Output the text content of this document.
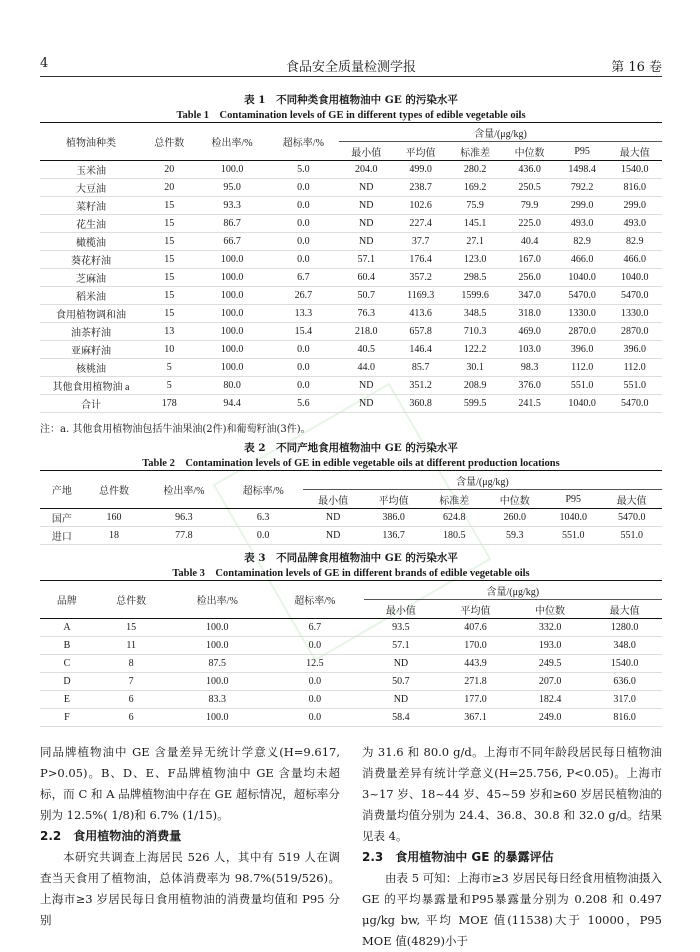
4	食品安全质量检测学报	第 16 卷
表 1　不同种类食用植物油中 GE 的污染水平
Table 1　Contamination levels of GE in different types of edible vegetable oils
植物油种类	总件数	检出率/%	超标率/%	含量/(μg/kg)					
				最小值	平均值	标准差	中位数	P95	最大值
玉米油	20	100.0	5.0	204.0	499.0	280.2	436.0	1498.4	1540.0
大豆油	20	95.0	0.0	ND	238.7	169.2	250.5	792.2	816.0
菜籽油	15	93.3	0.0	ND	102.6	75.9	79.9	299.0	299.0
花生油	15	86.7	0.0	ND	227.4	145.1	225.0	493.0	493.0
橄榄油	15	66.7	0.0	ND	37.7	27.1	40.4	82.9	82.9
葵花籽油	15	100.0	0.0	57.1	176.4	123.0	167.0	466.0	466.0
芝麻油	15	100.0	6.7	60.4	357.2	298.5	256.0	1040.0	1040.0
稻米油	15	100.0	26.7	50.7	1169.3	1599.6	347.0	5470.0	5470.0
食用植物调和油	15	100.0	13.3	76.3	413.6	348.5	318.0	1330.0	1330.0
油茶籽油	13	100.0	15.4	218.0	657.8	710.3	469.0	2870.0	2870.0
亚麻籽油	10	100.0	0.0	40.5	146.4	122.2	103.0	396.0	396.0
核桃油	5	100.0	0.0	44.0	85.7	30.1	98.3	112.0	112.0
其他食用植物油 a	5	80.0	0.0	ND	351.2	208.9	376.0	551.0	551.0
合计	178	94.4	5.6	ND	360.8	599.5	241.5	1040.0	5470.0
注：a. 其他食用植物油包括牛油果油(2件)和葡萄籽油(3件)。
表 2　不同产地食用植物油中 GE 的污染水平
Table 2　Contamination levels of GE in edible vegetable oils at different production locations
产地	总件数	检出率/%	超标率/%	含量/(μg/kg)					
				最小值	平均值	标准差	中位数	P95	最大值
国产	160	96.3	6.3	ND	386.0	624.8	260.0	1040.0	5470.0
进口	18	77.8	0.0	ND	136.7	180.5	59.3	551.0	551.0
表 3　不同品牌食用植物油中 GE 的污染水平
Table 3　Contamination levels of GE in different brands of edible vegetable oils
品牌	总件数	检出率/%	超标率/%	含量/(μg/kg)			
				最小值	平均值	中位数	最大值
A	15	100.0	6.7	93.5	407.6	332.0	1280.0
B	11	100.0	0.0	57.1	170.0	193.0	348.0
C	8	87.5	12.5	ND	443.9	249.5	1540.0
D	7	100.0	0.0	50.7	271.8	207.0	636.0
E	6	83.3	0.0	ND	177.0	182.4	317.0
F	6	100.0	0.0	58.4	367.1	249.0	816.0
同品牌植物油中 GE 含量差异无统计学意义(H=9.617, P>0.05)。B、D、E、F品牌植物油中 GE 含量均未超标，而 C 和 A 品牌植物油中存在 GE 超标情况，超标率分别为 12.5%( 1/8)和 6.7% (1/15)。
2.2　食用植物油的消费量
本研究共调查上海居民 526 人，其中有 519 人在调查当天食用了植物油，总体消费率为 98.7%(519/526)。上海市≥3 岁居民每日食用植物油的消费量均值和 P95 分别
为 31.6 和 80.0 g/d。上海市不同年龄段居民每日植物油消费量差异有统计学意义(H=25.756, P<0.05)。上海市 3~17 岁、18~44 岁、45~59 岁和≥60 岁居民植物油的消费量均值分别为 24.4、36.8、30.8 和 32.0 g/d。结果见表 4。
2.3　食用植物油中 GE 的暴露评估
由表 5 可知：上海市≥3 岁居民每日经食用植物油摄入 GE 的平均暴露量和P95暴露量分别为 0.208 和 0.497 μg/kg bw, 平均 MOE 值(11538)大于 10000，P95 MOE 值(4829)小于
